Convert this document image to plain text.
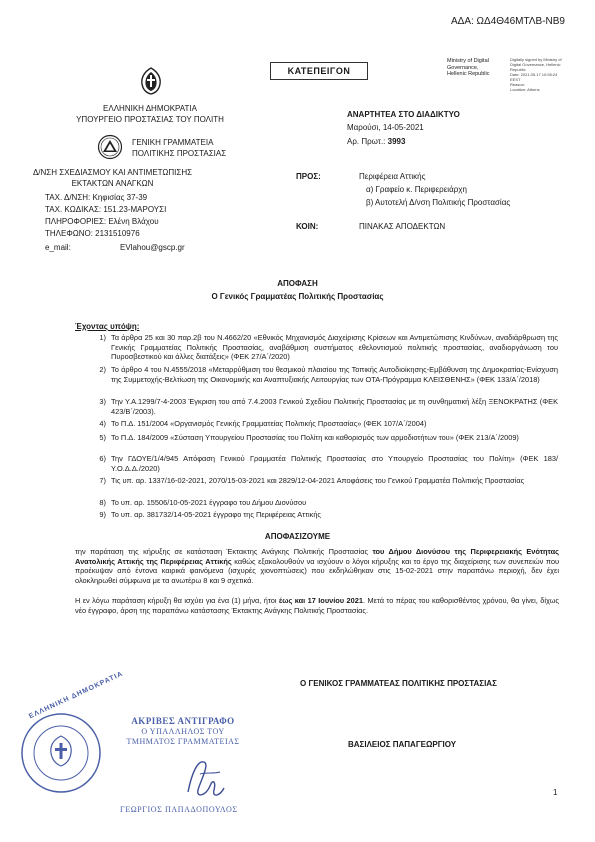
ΑΔΑ: ΩΔ4Θ46ΜΤΛΒ-ΝΒ9
Ministry of Digital
Governance,
Hellenic Republic
Digitally signed by Ministry of
Digital Governance, Hellenic
Republic
Date: 2021.05.17 10:55:24
EEST
Reason:
Location: Athens
ΚΑΤΕΠΕΙΓΟΝ
ΕΛΛΗΝΙΚΗ ΔΗΜΟΚΡΑΤΙΑ
ΥΠΟΥΡΓΕΙΟ ΠΡΟΣΤΑΣΙΑΣ ΤΟΥ ΠΟΛΙΤΗ
ΓΕΝΙΚΗ ΓΡΑΜΜΑΤΕΙΑ
ΠΟΛΙΤΙΚΗΣ ΠΡΟΣΤΑΣΙΑΣ
Δ/ΝΣΗ ΣΧΕΔΙΑΣΜΟΥ ΚΑΙ ΑΝΤΙΜΕΤΩΠΙΣΗΣ
ΕΚΤΑΚΤΩΝ ΑΝΑΓΚΩΝ
ΤΑΧ. Δ/ΝΣΗ: Κηφισίας 37-39
ΤΑΧ. ΚΩΔΙΚΑΣ: 151.23-ΜΑΡΟΥΣΙ
ΠΛΗΡΟΦΟΡΙΕΣ: Ελένη Βλάχου
ΤΗΛΕΦΩΝΟ: 2131510976
e_mail:	EVlahou@gscp.gr
ΑΝΑΡΤΗΤΕΑ ΣΤΟ ΔΙΑΔΙΚΤΥΟ
Μαρούσι, 14-05-2021
Αρ. Πρωτ.: 3993
ΠΡΟΣ:	Περιφέρεια Αττικής
α) Γραφείο κ. Περιφερειάρχη
β) Αυτοτελή Δ/νση Πολιτικής Προστασίας
ΚΟΙΝ:	ΠΙΝΑΚΑΣ ΑΠΟΔΕΚΤΩΝ
ΑΠΟΦΑΣΗ
Ο Γενικός Γραμματέας Πολιτικής Προστασίας
Έχοντας υπόψη:
1) Τα άρθρα 25 και 30 παρ.2β του Ν.4662/20 «Εθνικός Μηχανισμός Διαχείρισης Κρίσεων και Αντιμετώπισης Κινδύνων, αναδιάρθρωση της Γενικής Γραμματείας Πολιτικής Προστασίας, αναβάθμιση συστήματος εθελοντισμού πολιτικής προστασίας, αναδιοργάνωση του Πυροσβεστικού και άλλες διατάξεις» (ΦΕΚ 27/Α΄/2020)
2) Το άρθρο 4 του Ν.4555/2018 «Μεταρρύθμιση του θεσμικού πλαισίου της Τοπικής Αυτοδιοίκησης-Εμβάθυνση της Δημοκρατίας-Ενίσχυση της Συμμετοχής-Βελτίωση της Οικονομικής και Αναπτυξιακής Λειτουργίας των ΟΤΑ-Πρόγραμμα ΚΛΕΙΣΘΕΝΗΣ» (ΦΕΚ 133/Α΄/2018)
3) Την Υ.Α.1299/7-4-2003 Έγκριση του από 7.4.2003 Γενικού Σχεδίου Πολιτικής Προστασίας με τη συνθηματική λέξη ΞΕΝΟΚΡΑΤΗΣ (ΦΕΚ 423/Β΄/2003).
4) Το Π.Δ. 151/2004 «Οργανισμός Γενικής Γραμματείας Πολιτικής Προστασίας» (ΦΕΚ 107/Α΄/2004)
5) Το Π.Δ. 184/2009 «Σύσταση Υπουργείου Προστασίας του Πολίτη και καθορισμός των αρμοδιοτήτων του» (ΦΕΚ 213/Α΄/2009)
6) Την ΓΔΟΥΕ/1/4/945 Απόφαση Γενικού Γραμματέα Πολιτικής Προστασίας στο Υπουργείο Προστασίας του Πολίτη» (ΦΕΚ 183/Υ.Ο.Δ.Δ./2020)
7) Τις υπ. αρ. 1337/16-02-2021, 2070/15-03-2021 και 2829/12-04-2021 Αποφάσεις του Γενικού Γραμματέα Πολιτικής Προστασίας
8) Το υπ. αρ. 15506/10-05-2021 έγγραφο του Δήμου Διονύσου
9) Το υπ. αρ. 381732/14-05-2021 έγγραφο της Περιφέρειας Αττικής
ΑΠΟΦΑΣΙΖΟΥΜΕ
την παράταση της κήρυξης σε κατάσταση Έκτακτης Ανάγκης Πολιτικής Προστασίας του Δήμου Διονύσου της Περιφερειακής Ενότητας Ανατολικής Αττικής της Περιφέρειας Αττικής καθώς εξακολουθούν να ισχύουν ο λόγοι κήρυξης και το έργο της διαχείρισης των συνεπειών που προέκυψαν από έντονα καιρικά φαινόμενα (ισχυρές χιονοπτώσεις) που εκδηλώθηκαν στις 15-02-2021 στην παραπάνω περιοχή, δεν έχει ολοκληρωθεί σύμφωνα με τα ανωτέρω 8 και 9 σχετικά.
Η εν λόγω παράταση κήρυξη θα ισχύει για ένα (1) μήνα, ήτοι έως και 17 Ιουνίου 2021. Μετά το πέρας του καθορισθέντος χρόνου, θα γίνει, δίχως νέο έγγραφο, άρση της παραπάνω κατάστασης Έκτακτης Ανάγκης Πολιτικής Προστασίας.
Ο ΓΕΝΙΚΟΣ ΓΡΑΜΜΑΤΕΑΣ ΠΟΛΙΤΙΚΗΣ ΠΡΟΣΤΑΣΙΑΣ
ΕΛΛΗΝΙΚΗ ΔΗΜΟΚΡΑΤΙΑ
ΑΚΡΙΒΕΣ ΑΝΤΙΓΡΑΦΟ
Ο ΥΠΑΛΛΗΛΟΣ ΤΟΥ
ΤΜΗΜΑΤΟΣ ΓΡΑΜΜΑΤΕΙΑΣ
ΓΕΩΡΓΙΟΣ ΠΑΠΑΔΟΠΟΥΛΟΣ
ΒΑΣΙΛΕΙΟΣ ΠΑΠΑΓΕΩΡΓΙΟΥ
1
